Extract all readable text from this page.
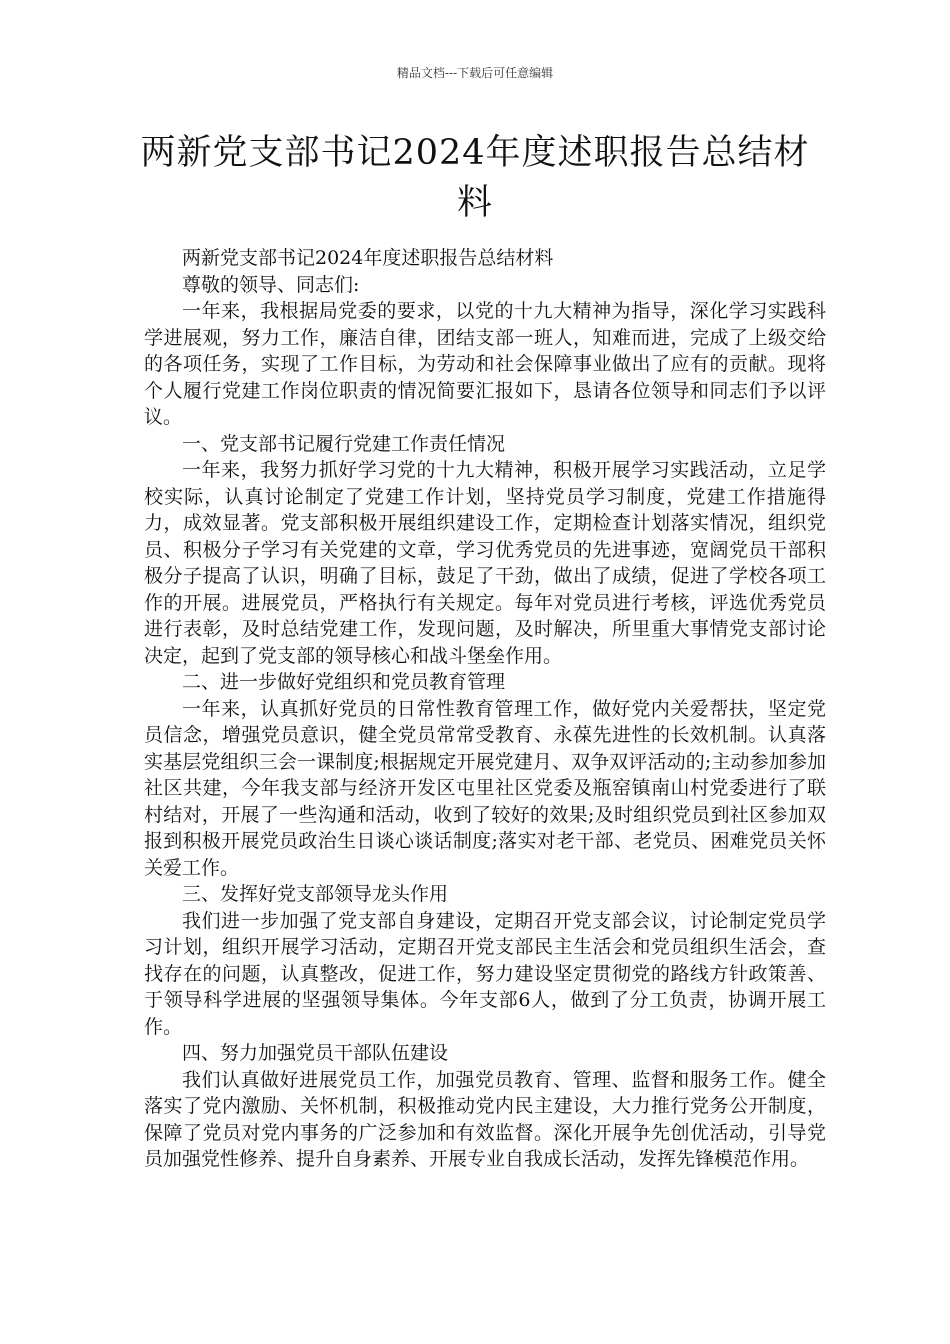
精品文档---下载后可任意编辑
两新党支部书记2024年度述职报告总结材料

两新党支部书记2024年度述职报告总结材料

尊敬的领导、同志们:

一年来，我根据局党委的要求，以党的十九大精神为指导，深化学习实践科学进展观，努力工作，廉洁自律，团结支部一班人，知难而进，完成了上级交给的各项任务，实现了工作目标，为劳动和社会保障事业做出了应有的贡献。现将个人履行党建工作岗位职责的情况简要汇报如下，恳请各位领导和同志们予以评议。

一、党支部书记履行党建工作责任情况

一年来，我努力抓好学习党的十九大精神，积极开展学习实践活动，立足学校实际，认真讨论制定了党建工作计划，坚持党员学习制度，党建工作措施得力，成效显著。党支部积极开展组织建设工作，定期检查计划落实情况，组织党员、积极分子学习有关党建的文章，学习优秀党员的先进事迹，宽阔党员干部积极分子提高了认识，明确了目标，鼓足了干劲，做出了成绩，促进了学校各项工作的开展。进展党员，严格执行有关规定。每年对党员进行考核，评选优秀党员进行表彰，及时总结党建工作，发现问题，及时解决，所里重大事情党支部讨论决定，起到了党支部的领导核心和战斗堡垒作用。

二、进一步做好党组织和党员教育管理

一年来，认真抓好党员的日常性教育管理工作，做好党内关爱帮扶，坚定党员信念，增强党员意识，健全党员常常受教育、永葆先进性的长效机制。认真落实基层党组织三会一课制度;根据规定开展党建月、双争双评活动的;主动参加参加社区共建，今年我支部与经济开发区屯里社区党委及瓶窑镇南山村党委进行了联村结对，开展了一些沟通和活动，收到了较好的效果;及时组织党员到社区参加双报到积极开展党员政治生日谈心谈话制度;落实对老干部、老党员、困难党员关怀关爱工作。

三、发挥好党支部领导龙头作用

我们进一步加强了党支部自身建设，定期召开党支部会议，讨论制定党员学习计划，组织开展学习活动，定期召开党支部民主生活会和党员组织生活会，查找存在的问题，认真整改，促进工作，努力建设坚定贯彻党的路线方针政策善、于领导科学进展的坚强领导集体。今年支部6人，做到了分工负责，协调开展工作。

四、努力加强党员干部队伍建设

我们认真做好进展党员工作，加强党员教育、管理、监督和服务工作。健全落实了党内激励、关怀机制，积极推动党内民主建设，大力推行党务公开制度，保障了党员对党内事务的广泛参加和有效监督。深化开展争先创优活动，引导党员加强党性修养、提升自身素养、开展专业自我成长活动，发挥先锋模范作用。
